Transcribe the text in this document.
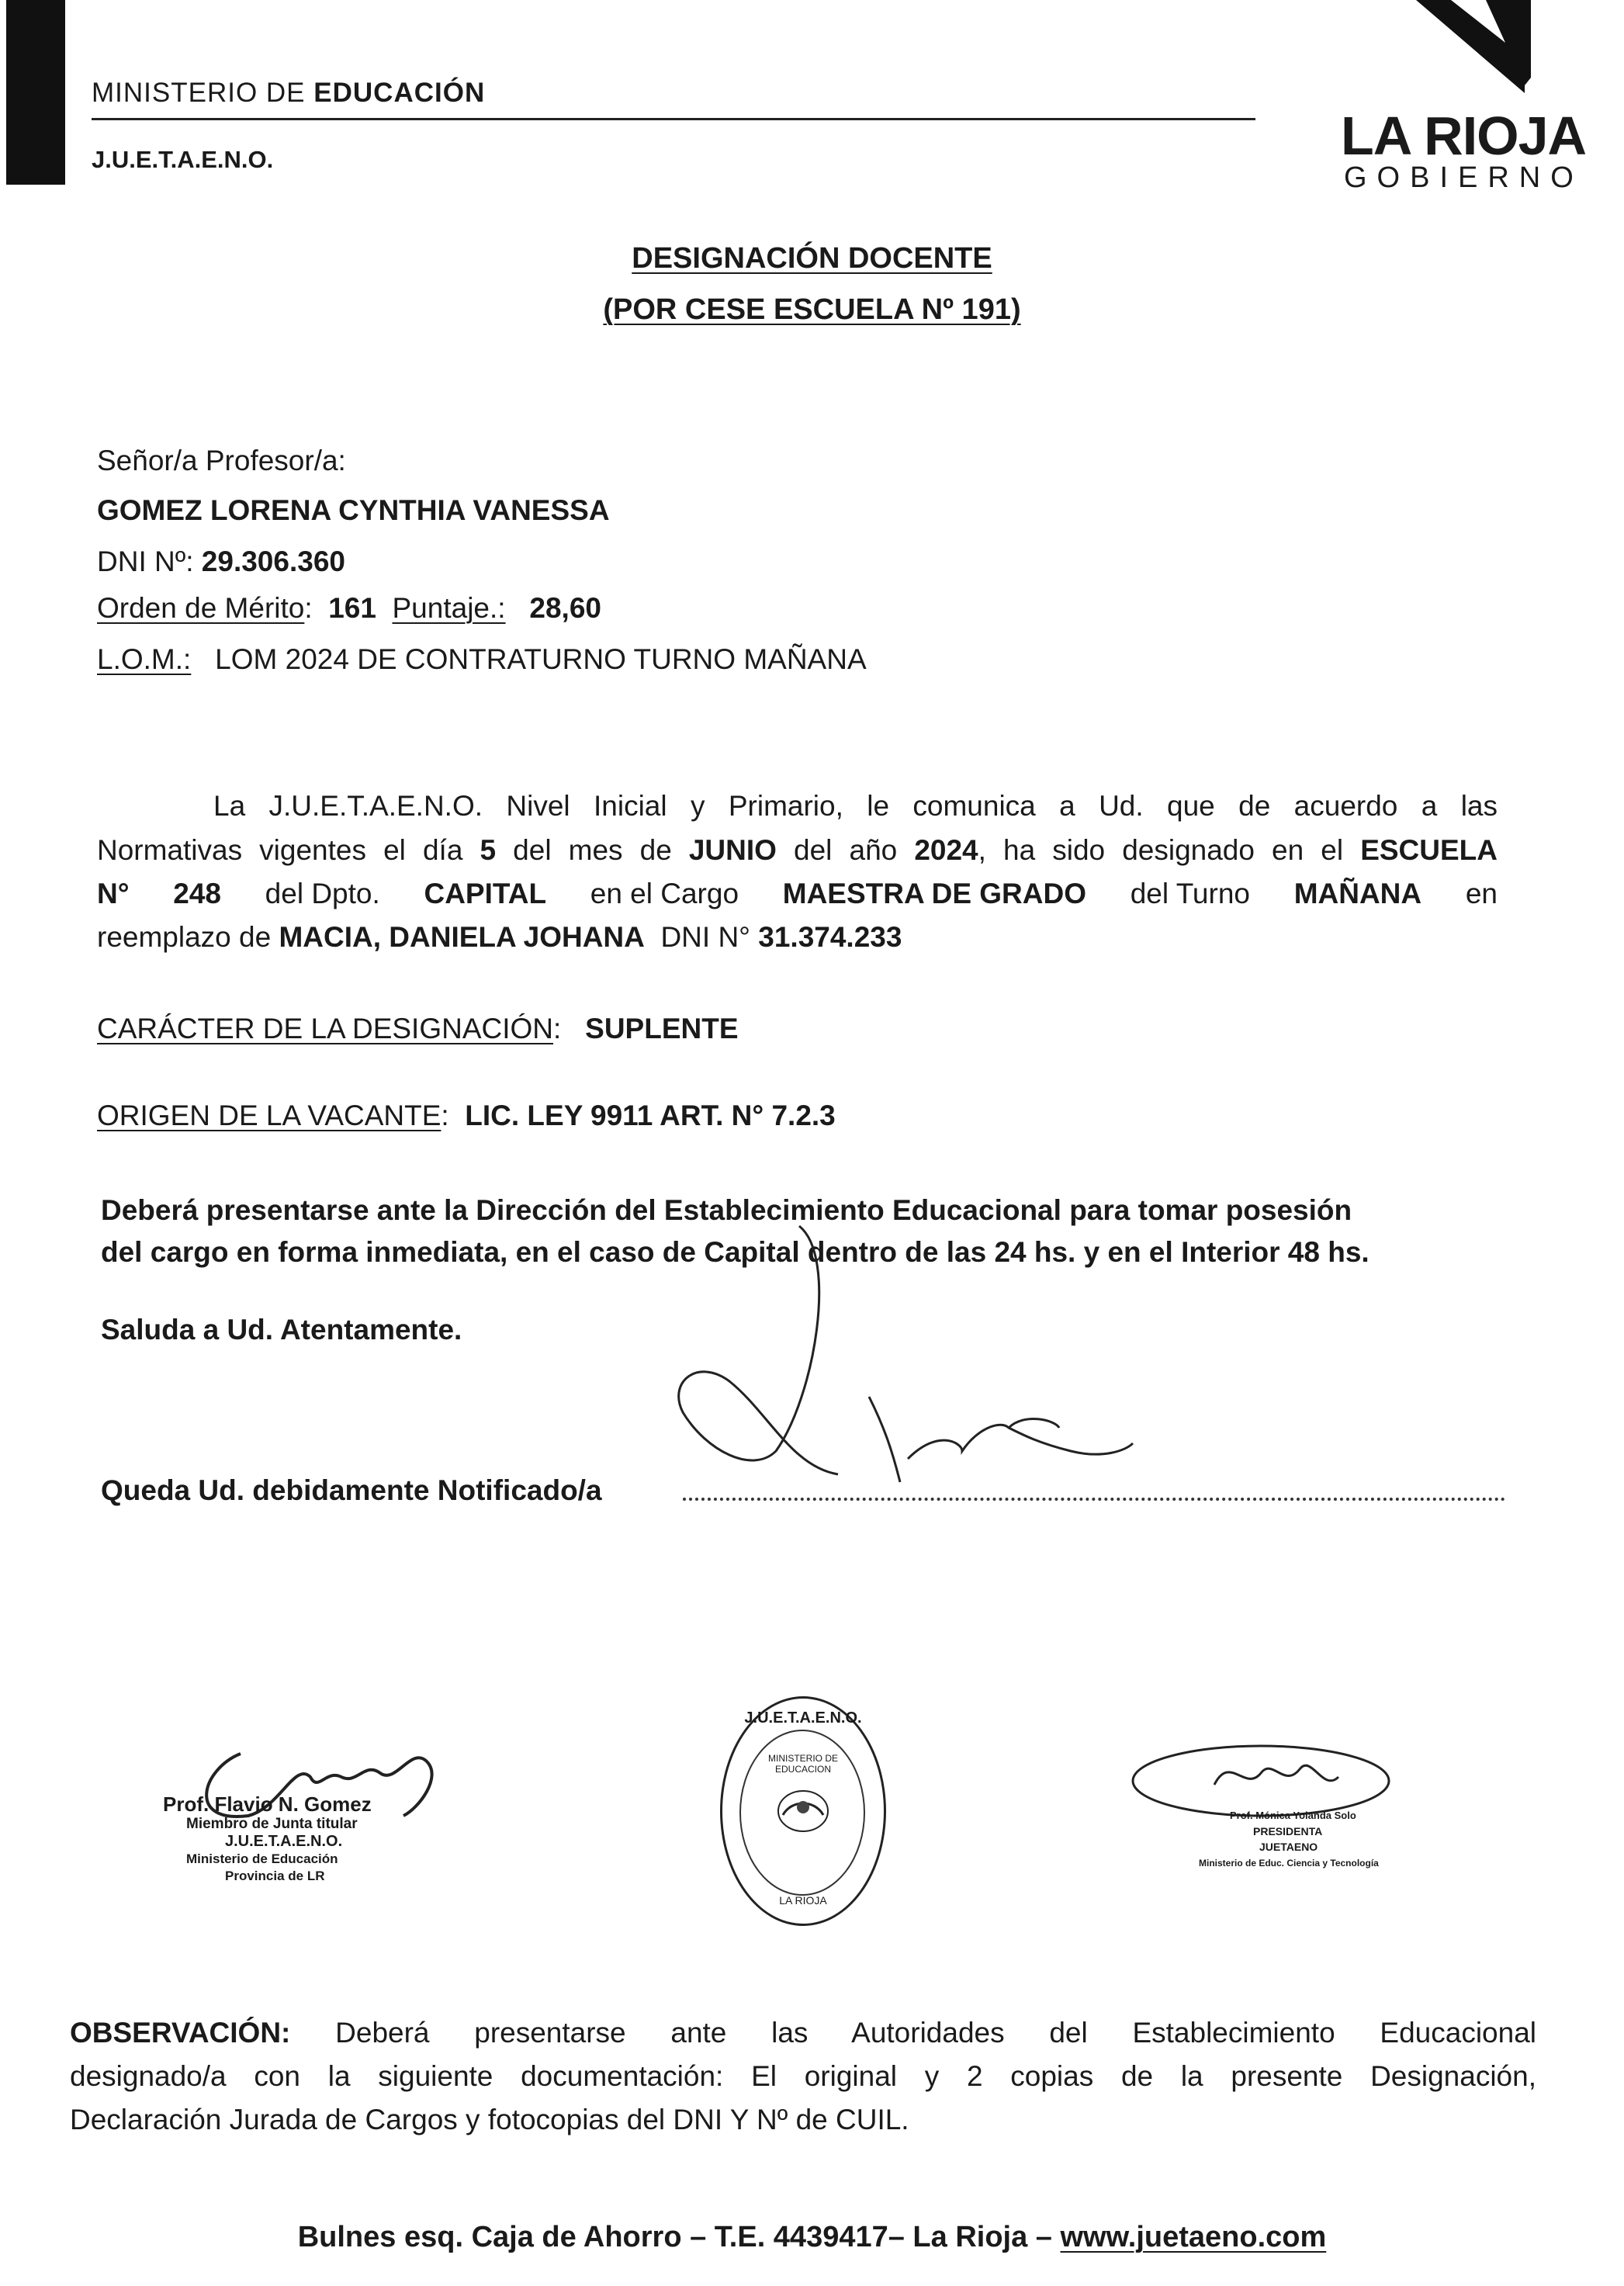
MINISTERIO DE EDUCACIÓN
J.U.E.T.A.E.N.O.	LA RIOJA
GOBIERNO
DESIGNACIÓN DOCENTE
(POR CESE ESCUELA Nº 191)
Señor/a Profesor/a:
GOMEZ LORENA CYNTHIA VANESSA
DNI Nº: 29.306.360
Orden de Mérito:  161 Puntaje.: 28,60
L.O.M.: LOM 2024 DE CONTRATURNO TURNO MAÑANA
La J.U.E.T.A.E.N.O. Nivel Inicial y Primario, le comunica a Ud. que de acuerdo a las
Normativas vigentes el día 5 del mes de JUNIO del año 2024, ha sido designado en el ESCUELA
N° 248 del Dpto. CAPITAL en el Cargo MAESTRA DE GRADO del Turno MAÑANA en
reemplazo de MACIA, DANIELA JOHANA DNI N° 31.374.233
CARÁCTER DE LA DESIGNACIÓN:   SUPLENTE
ORIGEN DE LA VACANTE:  LIC. LEY 9911 ART. N° 7.2.3
Deberá presentarse ante la Dirección del Establecimiento Educacional para tomar posesión
del cargo en forma inmediata, en el caso de Capital dentro de las 24 hs. y en el Interior 48 hs.
Saluda a Ud. Atentamente.
Queda Ud. debidamente Notificado/a
Prof. Flavio N. Gomez
Miembro de Junta titular
J.U.E.T.A.E.N.O.
Ministerio de Educación
Provincia de LR
J.U.E.T.A.E.N.O.
MINISTERIO DE EDUCACION
LA RIOJA
Prof. Mónica Yolanda Solo
PRESIDENTA
JUETAENO
Ministerio de Educ. Ciencia y Tecnología
OBSERVACIÓN: Deberá presentarse ante las Autoridades del Establecimiento Educacional
designado/a con la siguiente documentación: El original y 2 copias de la presente Designación,
Declaración Jurada de Cargos y fotocopias del DNI Y Nº de CUIL.
Bulnes esq. Caja de Ahorro – T.E. 4439417– La Rioja – www.juetaeno.com
